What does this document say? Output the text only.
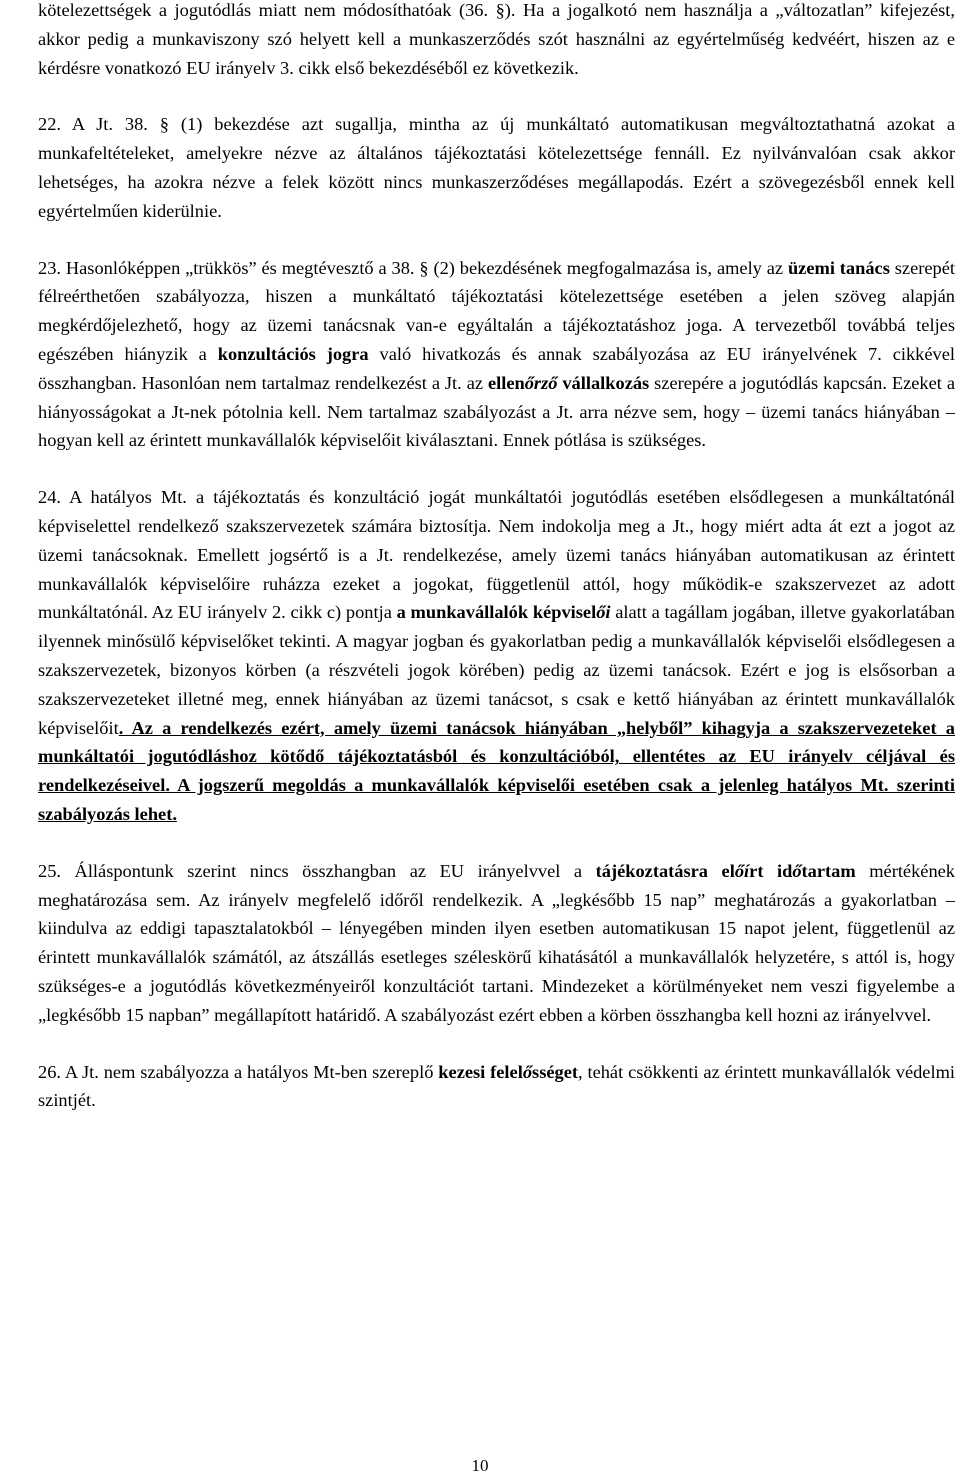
kötelezettségek a jogutódlás miatt nem módosíthatóak (36. §). Ha a jogalkotó nem használja a „változatlan” kifejezést, akkor pedig a munkaviszony szó helyett kell a munkaszerződés szót használni az egyértelműség kedvéért, hiszen az e kérdésre vonatkozó EU irányelv 3. cikk első bekezdéséből ez következik.

22. A Jt. 38. § (1) bekezdése azt sugallja, mintha az új munkáltató automatikusan megváltoztathatná azokat a munkafeltételeket, amelyekre nézve az általános tájékoztatási kötelezettsége fennáll. Ez nyilvánvalóan csak akkor lehetséges, ha azokra nézve a felek között nincs munkaszerződéses megállapodás. Ezért a szövegezésből ennek kell egyértelműen kiderülnie.

23. Hasonlóképpen „trükkös” és megtévesztő a 38. § (2) bekezdésének megfogalmazása is, amely az üzemi tanács szerepét félreérthetően szabályozza, hiszen a munkáltató tájékoztatási kötelezettsége esetében a jelen szöveg alapján megkérdőjelezhető, hogy az üzemi tanácsnak van-e egyáltalán a tájékoztatáshoz joga. A tervezetből továbbá teljes egészében hiányzik a konzultációs jogra való hivatkozás és annak szabályozása az EU irányelvének 7. cikkével összhangban. Hasonlóan nem tartalmaz rendelkezést a Jt. az ellenőrző vállalkozás szerepére a jogutódlás kapcsán. Ezeket a hiányosságokat a Jt-nek pótolnia kell. Nem tartalmaz szabályozást a Jt. arra nézve sem, hogy – üzemi tanács hiányában – hogyan kell az érintett munkavállalók képviselőit kiválasztani. Ennek pótlása is szükséges.

24. A hatályos Mt. a tájékoztatás és konzultáció jogát munkáltatói jogutódlás esetében elsődlegesen a munkáltatónál képviselettel rendelkező szakszervezetek számára biztosítja. Nem indokolja meg a Jt., hogy miért adta át ezt a jogot az üzemi tanácsoknak. Emellett jogsértő is a Jt. rendelkezése, amely üzemi tanács hiányában automatikusan az érintett munkavállalók képviselőire ruházza ezeket a jogokat, függetlenül attól, hogy működik-e szakszervezet az adott munkáltatónál. Az EU irányelv 2. cikk c) pontja a munkavállalók képviselői alatt a tagállam jogában, illetve gyakorlatában ilyennek minősülő képviselőket tekinti. A magyar jogban és gyakorlatban pedig a munkavállalók képviselői elsődlegesen a szakszervezetek, bizonyos körben (a részvételi jogok körében) pedig az üzemi tanácsok. Ezért e jog is elsősorban a szakszervezeteket illetné meg, ennek hiányában az üzemi tanácsot, s csak e kettő hiányában az érintett munkavállalók képviselőit. Az a rendelkezés ezért, amely üzemi tanácsok hiányában „helyből” kihagyja a szakszervezeteket a munkáltatói jogutódláshoz kötődő tájékoztatásból és konzultációból, ellentétes az EU irányelv céljával és rendelkezéseivel. A jogszerű megoldás a munkavállalók képviselői esetében csak a jelenleg hatályos Mt. szerinti szabályozás lehet.

25. Álláspontunk szerint nincs összhangban az EU irányelvvel a tájékoztatásra előírt időtartam mértékének meghatározása sem. Az irányelv megfelelő időről rendelkezik. A „legkésőbb 15 nap” meghatározás a gyakorlatban – kiindulva az eddigi tapasztalatokból – lényegében minden ilyen esetben automatikusan 15 napot jelent, függetlenül az érintett munkavállalók számától, az átszállás esetleges széleskörű kihatásától a munkavállalók helyzetére, s attól is, hogy szükséges-e a jogutódlás következményeiről konzultációt tartani. Mindezeket a körülményeket nem veszi figyelembe a „legkésőbb 15 napban” megállapított határidő. A szabályozást ezért ebben a körben összhangba kell hozni az irányelvvel.

26. A Jt. nem szabályozza a hatályos Mt-ben szereplő kezesi felelősséget, tehát csökkenti az érintett munkavállalók védelmi szintjét.

10
